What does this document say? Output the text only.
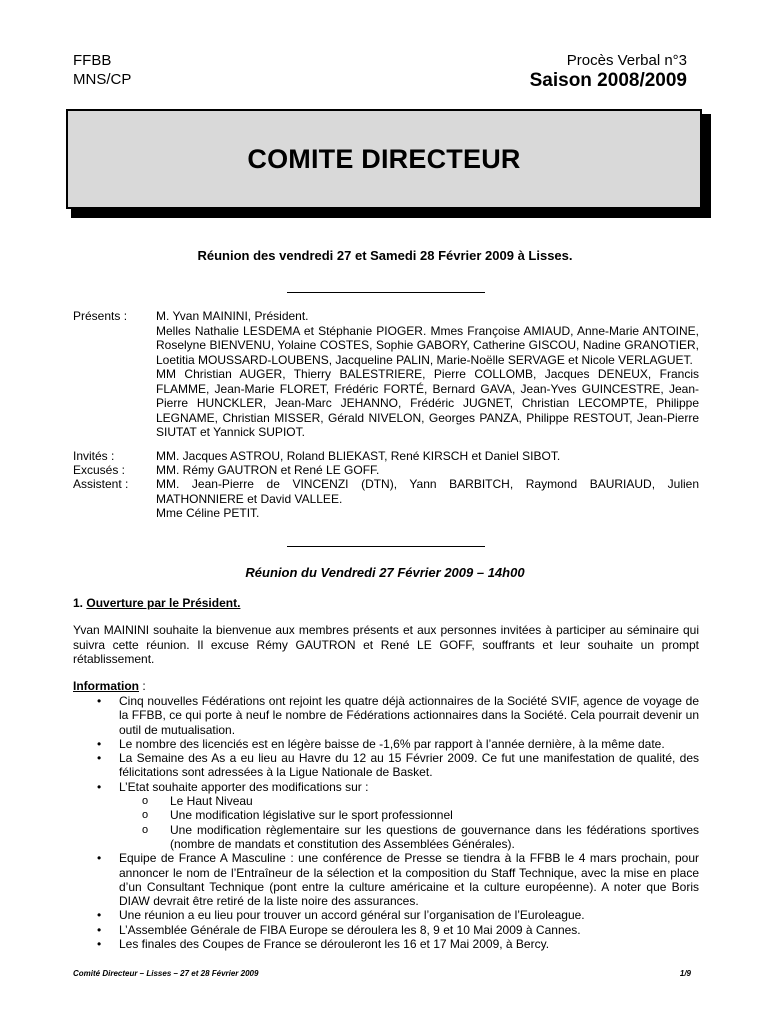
FFBB
MNS/CP
Procès Verbal n°3
Saison 2008/2009
COMITE DIRECTEUR
Réunion des vendredi 27 et Samedi 28 Février 2009 à Lisses.
Présents : M. Yvan MAININI, Président.
Melles Nathalie LESDEMA et Stéphanie PIOGER. Mmes Françoise AMIAUD, Anne-Marie ANTOINE, Roselyne BIENVENU, Yolaine COSTES, Sophie GABORY, Catherine GISCOU, Nadine GRANOTIER, Loetitia MOUSSARD-LOUBENS, Jacqueline PALIN, Marie-Noëlle SERVAGE et Nicole VERLAGUET.
MM Christian AUGER, Thierry BALESTRIERE, Pierre COLLOMB, Jacques DENEUX, Francis FLAMME, Jean-Marie FLORET, Frédéric FORTÉ, Bernard GAVA, Jean-Yves GUINCESTRE, Jean-Pierre HUNCKLER, Jean-Marc JEHANNO, Frédéric JUGNET, Christian LECOMPTE, Philippe LEGNAME, Christian MISSER, Gérald NIVELON, Georges PANZA, Philippe RESTOUT, Jean-Pierre SIUTAT et Yannick SUPIOT.
Invités :	MM. Jacques ASTROU, Roland BLIEKAST, René KIRSCH et Daniel SIBOT.
Excusés :	MM. Rémy GAUTRON et René LE GOFF.
Assistent : MM. Jean-Pierre de VINCENZI (DTN), Yann BARBITCH, Raymond BAURIAUD, Julien MATHONNIERE et David VALLEE.
Mme Céline PETIT.
Réunion du Vendredi 27 Février 2009 – 14h00
1. Ouverture par le Président.
Yvan MAININI souhaite la bienvenue aux membres présents et aux personnes invitées à participer au séminaire qui suivra cette réunion. Il excuse Rémy GAUTRON et René LE GOFF, souffrants et leur souhaite un prompt rétablissement.
Information :
• Cinq nouvelles Fédérations ont rejoint les quatre déjà actionnaires de la Société SVIF, agence de voyage de la FFBB, ce qui porte à neuf le nombre de Fédérations actionnaires dans la Société. Cela pourrait devenir un outil de mutualisation.
• Le nombre des licenciés est en légère baisse de -1,6% par rapport à l’année dernière, à la même date.
• La Semaine des As a eu lieu au Havre du 12 au 15 Février 2009. Ce fut une manifestation de qualité, des félicitations sont adressées à la Ligue Nationale de Basket.
• L’Etat souhaite apporter des modifications sur :
o Le Haut Niveau
o Une modification législative sur le sport professionnel
o Une modification règlementaire sur les questions de gouvernance dans les fédérations sportives (nombre de mandats et constitution des Assemblées Générales).
• Equipe de France A Masculine : une conférence de Presse se tiendra à la FFBB le 4 mars prochain, pour annoncer le nom de l’Entraîneur de la sélection et la composition du Staff Technique, avec la mise en place d’un Consultant Technique (pont entre la culture américaine et la culture européenne). A noter que Boris DIAW devrait être retiré de la liste noire des assurances.
• Une réunion a eu lieu pour trouver un accord général sur l’organisation de l’Euroleague.
• L’Assemblée Générale de FIBA Europe se déroulera les 8, 9 et 10 Mai 2009 à Cannes.
• Les finales des Coupes de France se dérouleront les 16 et 17 Mai 2009, à Bercy.
Comité Directeur – Lisses – 27 et 28 Février 2009	1/9
